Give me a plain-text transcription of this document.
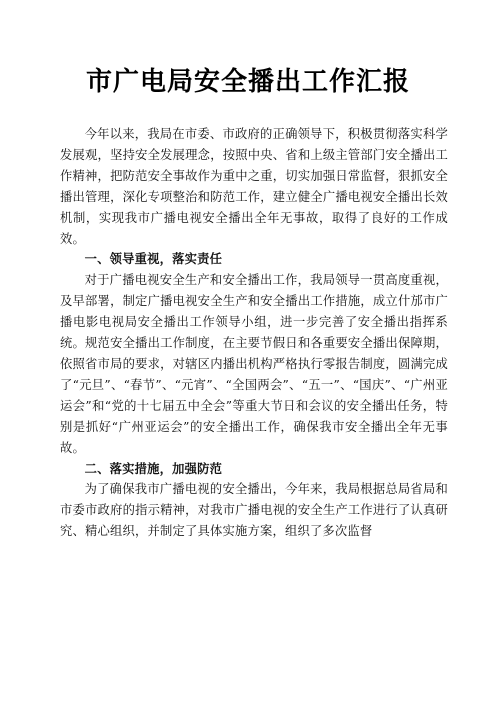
市广电局安全播出工作汇报

今年以来，我局在市委、市政府的正确领导下，积极贯彻落实科学发展观，坚持安全发展理念，按照中央、省和上级主管部门安全播出工作精神，把防范安全事故作为重中之重，切实加强日常监督，狠抓安全播出管理，深化专项整治和防范工作，建立健全广播电视安全播出长效机制，实现我市广播电视安全播出全年无事故，取得了良好的工作成效。

一、领导重视，落实责任

对于广播电视安全生产和安全播出工作，我局领导一贯高度重视，及早部署，制定广播电视安全生产和安全播出工作措施，成立什邡市广播电影电视局安全播出工作领导小组，进一步完善了安全播出指挥系统。规范安全播出工作制度，在主要节假日和各重要安全播出保障期，依照省市局的要求，对辖区内播出机构严格执行零报告制度，圆满完成了“元旦”、“春节”、“元宵”、“全国两会”、“五一”、“国庆”、“广州亚运会”和“党的十七届五中全会”等重大节日和会议的安全播出任务，特别是抓好“广州亚运会”的安全播出工作，确保我市安全播出全年无事故。

二、落实措施，加强防范

为了确保我市广播电视的安全播出，今年来，我局根据总局省局和市委市政府的指示精神，对我市广播电视的安全生产工作进行了认真研究、精心组织，并制定了具体实施方案，组织了多次监督
